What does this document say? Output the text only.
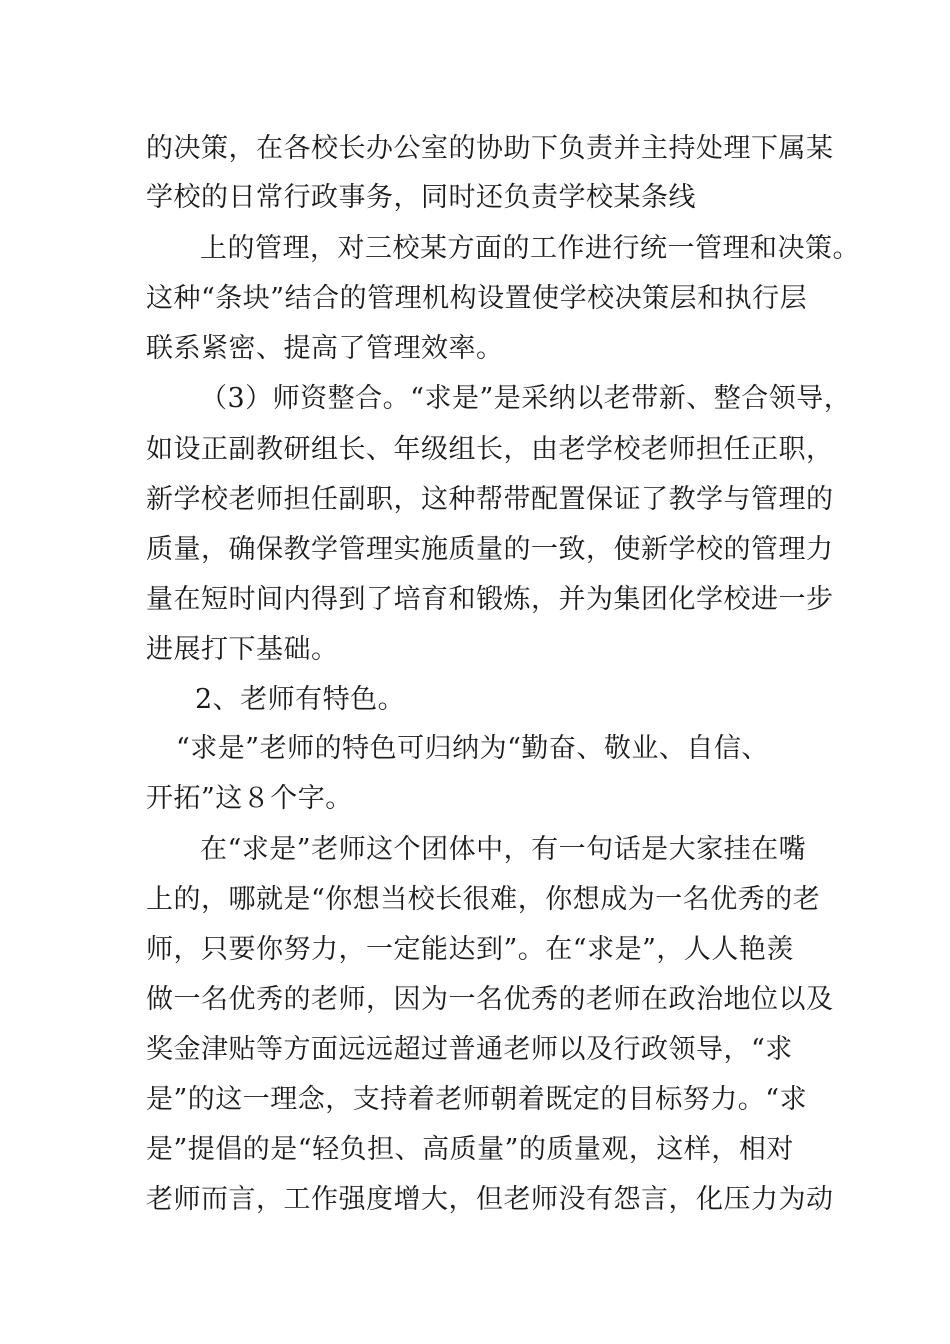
的决策，在各校长办公室的协助下负责并主持处理下属某
学校的日常行政事务，同时还负责学校某条线
上的管理，对三校某方面的工作进行统一管理和决策。
这种“条块”结合的管理机构设置使学校决策层和执行层
联系紧密、提高了管理效率。
（3）师资整合。“求是”是采纳以老带新、整合领导，
如设正副教研组长、年级组长，由老学校老师担任正职，
新学校老师担任副职，这种帮带配置保证了教学与管理的
质量，确保教学管理实施质量的一致，使新学校的管理力
量在短时间内得到了培育和锻炼，并为集团化学校进一步
进展打下基础。
2、老师有特色。
“求是”老师的特色可归纳为“勤奋、敬业、自信、
开拓”这８个字。
在“求是”老师这个团体中，有一句话是大家挂在嘴
上的，哪就是“你想当校长很难，你想成为一名优秀的老
师，只要你努力，一定能达到”。在“求是”，人人艳羡
做一名优秀的老师，因为一名优秀的老师在政治地位以及
奖金津贴等方面远远超过普通老师以及行政领导，“求
是”的这一理念，支持着老师朝着既定的目标努力。“求
是”提倡的是“轻负担、高质量”的质量观，这样，相对
老师而言，工作强度增大，但老师没有怨言，化压力为动
